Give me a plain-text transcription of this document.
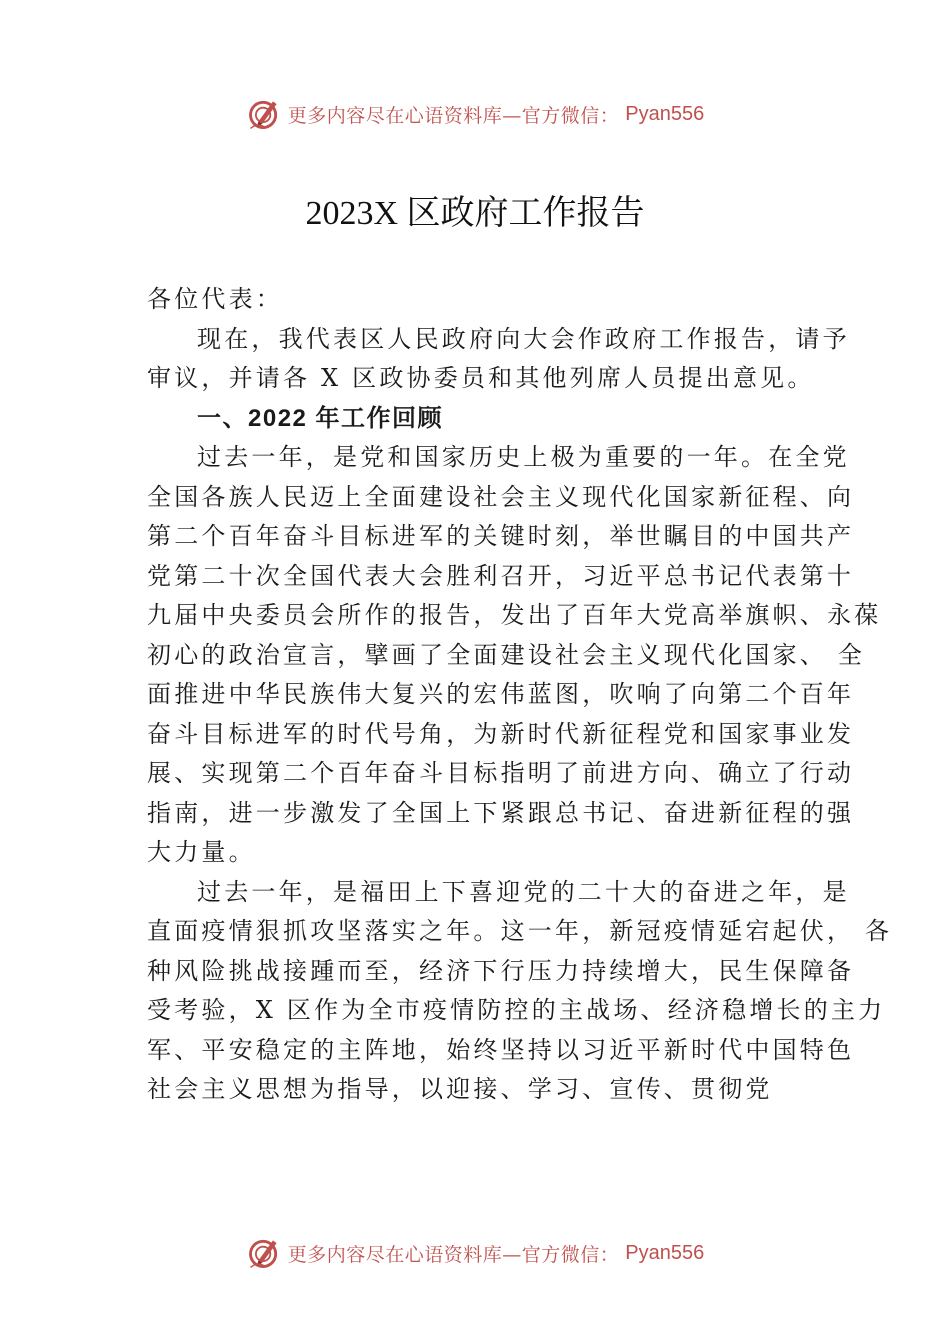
更多内容尽在心语资料库—官方微信： Pyan556
2023X 区政府工作报告
各位代表：
现在，我代表区人民政府向大会作政府工作报告，请予
审议，并请各 X 区政协委员和其他列席人员提出意见。
一、2022 年工作回顾
过去一年，是党和国家历史上极为重要的一年。在全党
全国各族人民迈上全面建设社会主义现代化国家新征程、向
第二个百年奋斗目标进军的关键时刻，举世瞩目的中国共产
党第二十次全国代表大会胜利召开，习近平总书记代表第十
九届中央委员会所作的报告，发出了百年大党高举旗帜、永葆
初心的政治宣言，擘画了全面建设社会主义现代化国家、 全
面推进中华民族伟大复兴的宏伟蓝图，吹响了向第二个百年
奋斗目标进军的时代号角，为新时代新征程党和国家事业发
展、实现第二个百年奋斗目标指明了前进方向、确立了行动
指南，进一步激发了全国上下紧跟总书记、奋进新征程的强
大力量。
过去一年，是福田上下喜迎党的二十大的奋进之年，是
直面疫情狠抓攻坚落实之年。这一年，新冠疫情延宕起伏， 各
种风险挑战接踵而至，经济下行压力持续增大，民生保障备
受考验，X 区作为全市疫情防控的主战场、经济稳增长的主力
军、平安稳定的主阵地，始终坚持以习近平新时代中国特色
社会主义思想为指导，以迎接、学习、宣传、贯彻党
更多内容尽在心语资料库—官方微信： Pyan556
